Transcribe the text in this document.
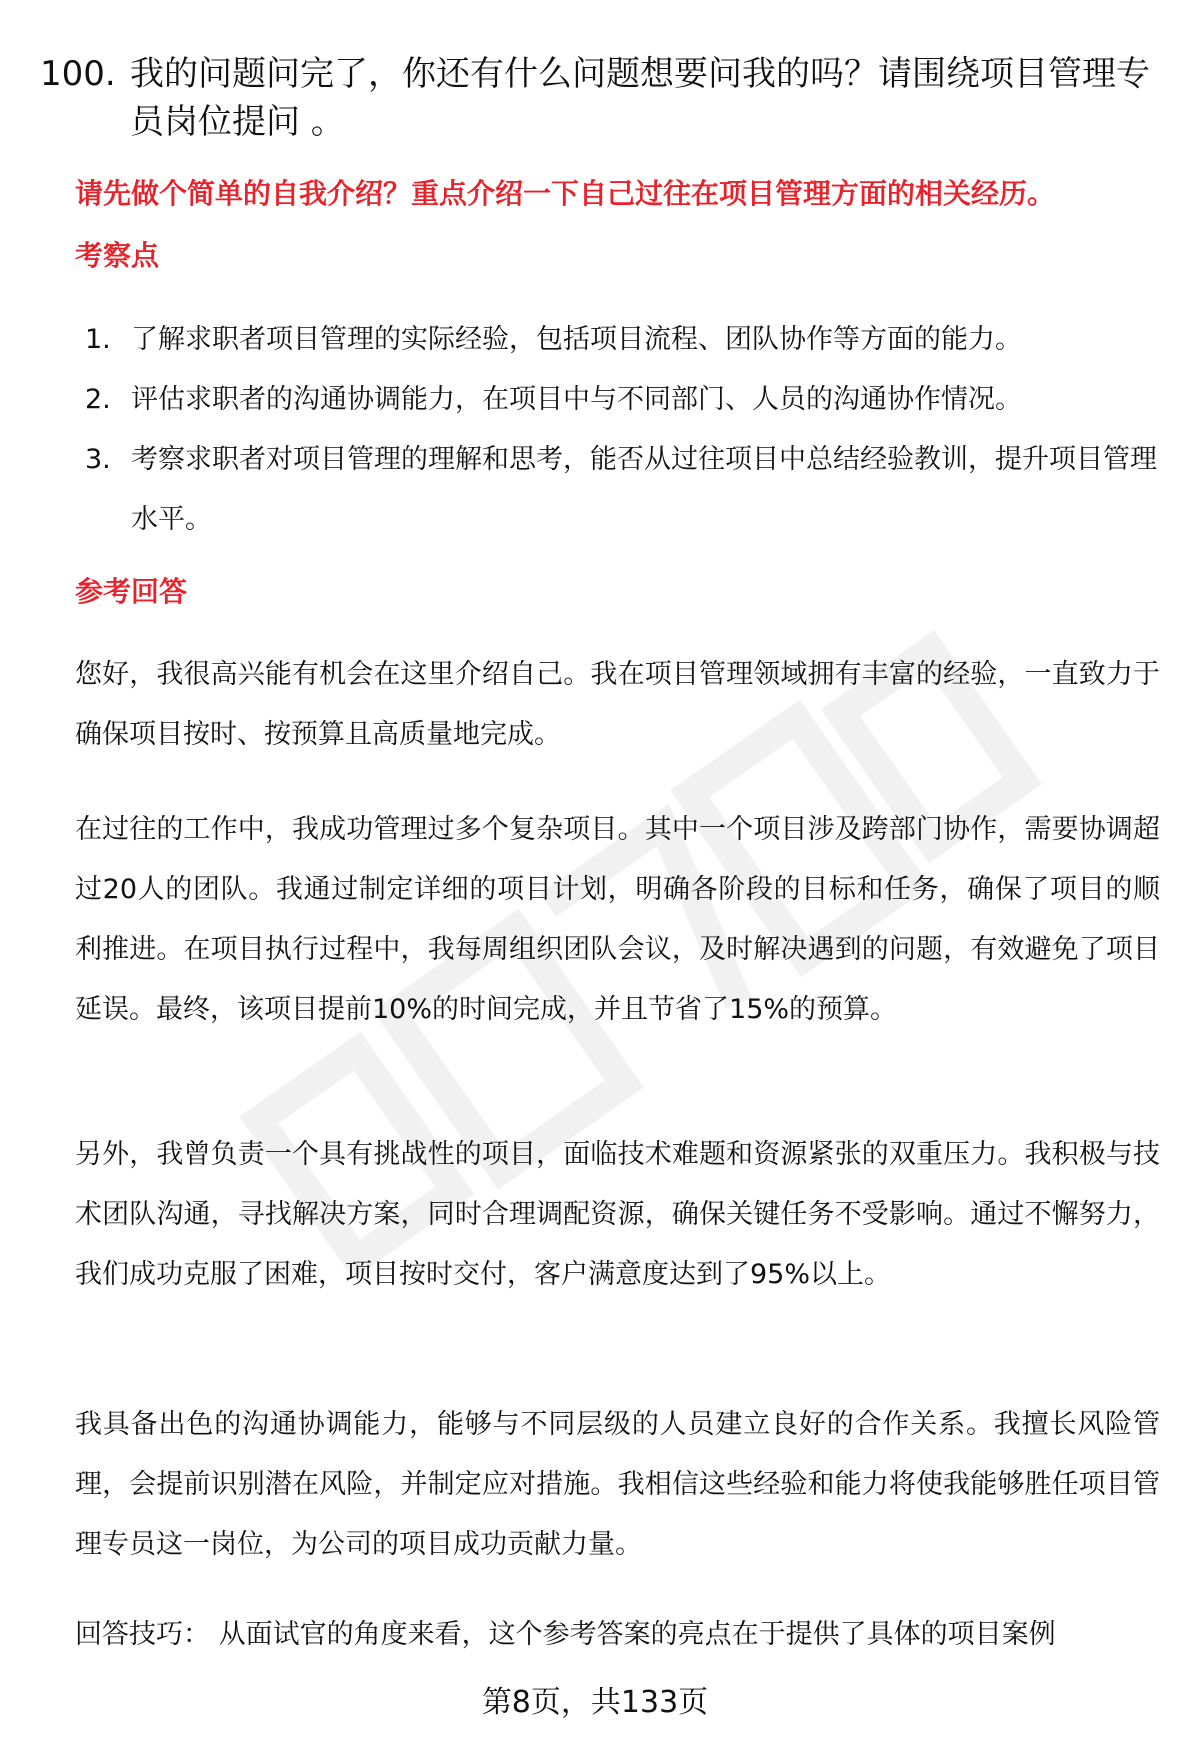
100. 我的问题问完了，你还有什么问题想要问我的吗？请围绕项目管理专员岗位提问 。
请先做个简单的自我介绍？重点介绍一下自己过往在项目管理方面的相关经历。
考察点
1. 了解求职者项目管理的实际经验，包括项目流程、团队协作等方面的能力。
2. 评估求职者的沟通协调能力，在项目中与不同部门、人员的沟通协作情况。
3. 考察求职者对项目管理的理解和思考，能否从过往项目中总结经验教训，提升项目管理水平。
参考回答

您好，我很高兴能有机会在这里介绍自己。我在项目管理领域拥有丰富的经验，一直致力于确保项目按时、按预算且高质量地完成。

在过往的工作中，我成功管理过多个复杂项目。其中一个项目涉及跨部门协作，需要协调超过20人的团队。我通过制定详细的项目计划，明确各阶段的目标和任务，确保了项目的顺利推进。在项目执行过程中，我每周组织团队会议，及时解决遇到的问题，有效避免了项目延误。最终，该项目提前10%的时间完成，并且节省了15%的预算。

另外，我曾负责一个具有挑战性的项目，面临技术难题和资源紧张的双重压力。我积极与技术团队沟通，寻找解决方案，同时合理调配资源，确保关键任务不受影响。通过不懈努力，我们成功克服了困难，项目按时交付，客户满意度达到了95%以上。

我具备出色的沟通协调能力，能够与不同层级的人员建立良好的合作关系。我擅长风险管理，会提前识别潜在风险，并制定应对措施。我相信这些经验和能力将使我能够胜任项目管理专员这一岗位，为公司的项目成功贡献力量。

回答技巧： 从面试官的角度来看，这个参考答案的亮点在于提供了具体的项目案例

第8页，共133页
